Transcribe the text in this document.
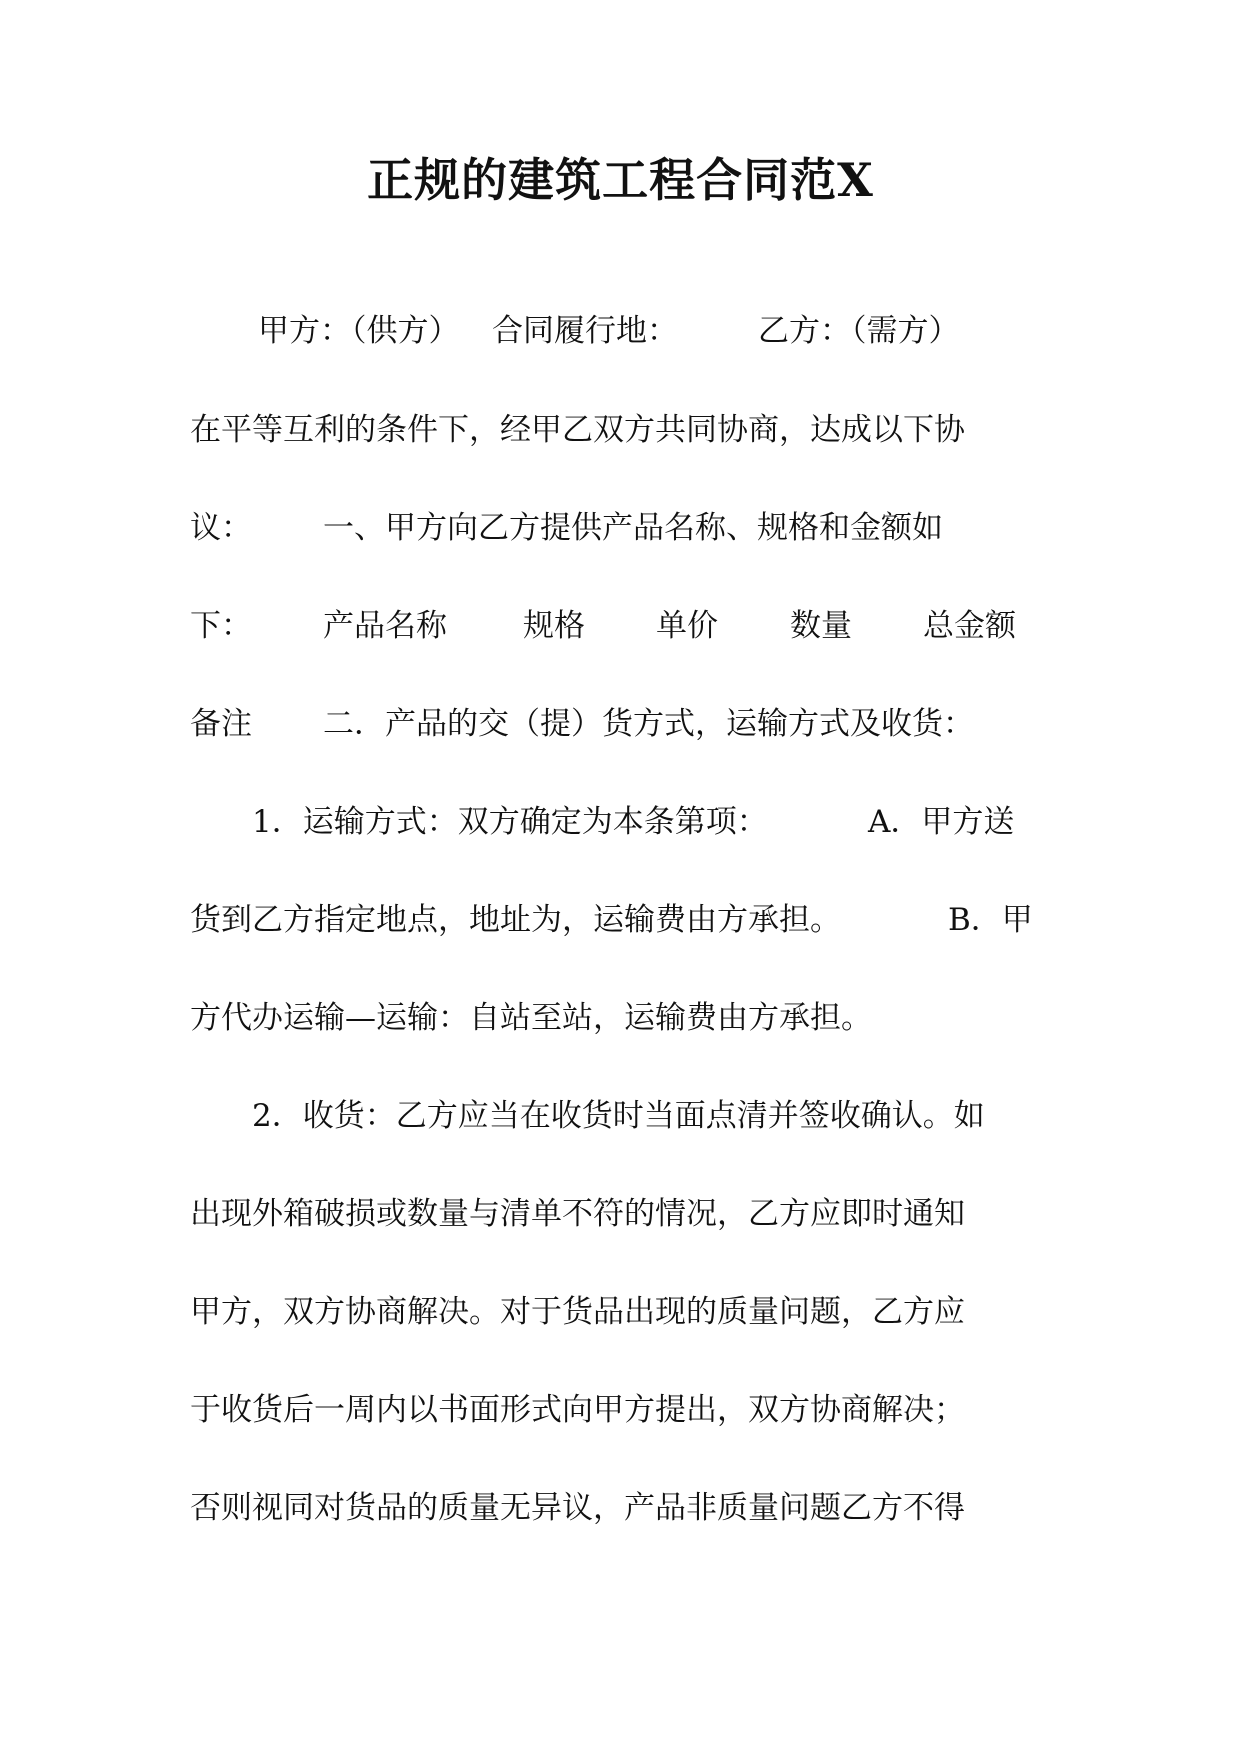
正规的建筑工程合同范X
甲方：（供方） 合同履行地：	乙方：（需方）
在平等互利的条件下，经甲乙双方共同协商，达成以下协
议： 一、甲方向乙方提供产品名称、规格和金额如
下： 产品名称 规格 单价 数量 总金额
备注 二．产品的交（提）货方式，运输方式及收货：
1．运输方式：双方确定为本条第项：	A．甲方送
货到乙方指定地点，地址为，运输费由方承担。	B．甲
方代办运输—运输：自站至站，运输费由方承担。
2．收货：乙方应当在收货时当面点清并签收确认。如
出现外箱破损或数量与清单不符的情况，乙方应即时通知
甲方，双方协商解决。对于货品出现的质量问题，乙方应
于收货后一周内以书面形式向甲方提出，双方协商解决；
否则视同对货品的质量无异议，产品非质量问题乙方不得
